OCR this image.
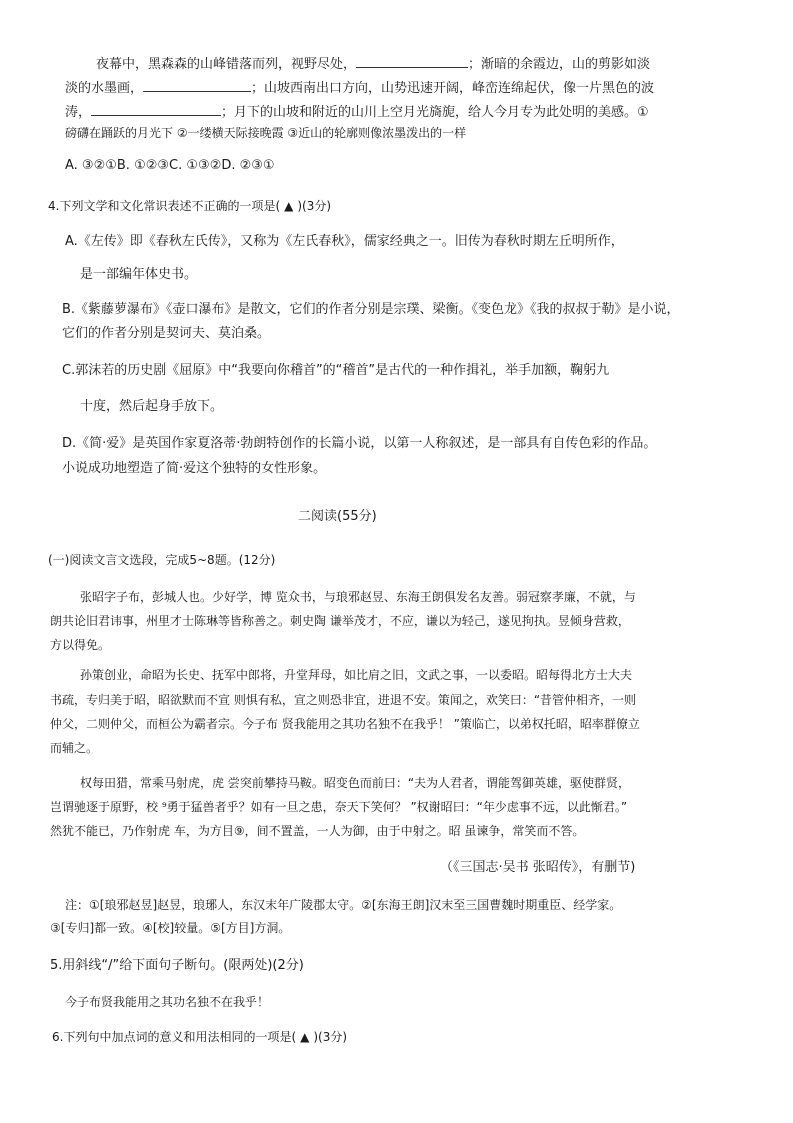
夜幕中，黑森森的山峰错落而列，视野尽处，	；渐暗的余霞边，山的剪影如淡
淡的水墨画，	；山坡西南出口方向，山势迅速开阔，峰峦连绵起伏，像一片黑色的波
涛，	；月下的山坡和附近的山川上空月光旖旎，给人今月专为此处明的美感。①
磅礴在踊跃的月光下 ②一缕横天际接晚霞 ③近山的轮廓则像浓墨泼出的一样
A. ③②①B. ①②③C. ①③②D. ②③①
4.下列文学和文化常识表述不正确的一项是( ▲ )(3分)
A.《左传》即《春秋左氏传》，又称为《左氏春秋》，儒家经典之一。旧传为春秋时期左丘明所作，
是一部编年体史书。
B.《紫藤萝瀑布》《壶口瀑布》是散文，它们的作者分别是宗璞、梁衡。《变色龙》《我的叔叔于勒》是小说，
它们的作者分别是契诃夫、莫泊桑。
C.郭沫若的历史剧《屈原》中“我要向你稽首”的“稽首”是古代的一种作揖礼，举手加额，鞠躬九
十度，然后起身手放下。
D.《简·爱》是英国作家夏洛蒂·勃朗特创作的长篇小说，以第一人称叙述，是一部具有自传色彩的作品。
小说成功地塑造了简·爱这个独特的女性形象。
二阅读(55分)
(一)阅读文言文选段，完成5~8题。(12分)
张昭字子布，彭城人也。少好学，博 览众书，与琅邪赵昱、东海王朗俱发名友善。弱冠察孝廉，不就，与
朗共论旧君讳事，州里才士陈琳等皆称善之。刺史陶 谦举茂才，不应，谦以为轻己，遂见拘执。昱倾身营救，
方以得免。
孙策创业，命昭为长史、抚军中郎将，升堂拜母，如比肩之旧，文武之事，一以委昭。昭每得北方士大夫
书疏，专归美于昭，昭欲默而不宣 则惧有私，宣之则恐非宜，进退不安。策闻之，欢笑曰：“昔管仲相齐，一则
仲父，二则仲父，而桓公为霸者宗。今子布 贤我能用之其功名独不在我乎！ ”策临亡，以弟权托昭，昭率群僚立
而辅之。
权每田猎，常乘马射虎，虎 尝突前攀持马鞍。昭变色而前曰：“夫为人君者，谓能驾御英雄，驱使群贤，
岂谓驰逐于原野，校 ⁹勇于猛兽者乎？如有一旦之患，奈天下笑何？ ”权谢昭曰：“年少虑事不远，以此惭君。”
然犹不能已，乃作射虎 车，为方目⑨，间不置盖，一人为御，由于中射之。昭 虽谏争，常笑而不答。
（《三国志·吴书 张昭传》，有删节)
注：①[琅邪赵昱]赵昱，琅琊人，东汉末年广陵郡太守。②[东海王朗]汉末至三国曹魏时期重臣、经学家。
③[专归]都一致。④[校]较量。⑤[方目]方洞。
5.用斜线“/”给下面句子断句。(限两处)(2分)
今子布贤我能用之其功名独不在我乎！
6.下列句中加点词的意义和用法相同的一项是( ▲ )(3分)
